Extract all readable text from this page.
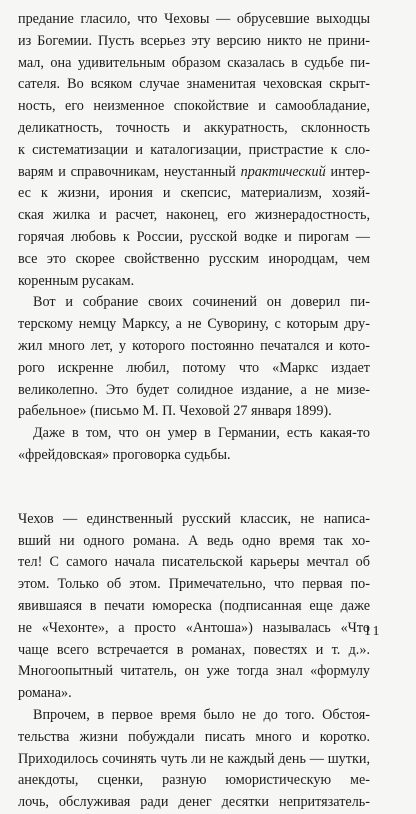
предание гласило, что Чеховы — обрусевшие выходцы
из Богемии. Пусть всерьез эту версию никто не прини-
мал, она удивительным образом сказалась в судьбе пи-
сателя. Во всяком случае знаменитая чеховская скрыт-
ность, его неизменное спокойствие и самообладание,
деликатность, точность и аккуратность, склонность
к систематизации и каталогизации, пристрастие к сло-
варям и справочникам, неустанный практический интер-
ес к жизни, ирония и скепсис, материализм, хозяй-
ская жилка и расчет, наконец, его жизнерадостность,
горячая любовь к России, русской водке и пирогам —
все это скорее свойственно русским инородцам, чем
коренным русакам.
Вот и собрание своих сочинений он доверил пи-
терскому немцу Марксу, а не Суворину, с которым дру-
жил много лет, у которого постоянно печатался и кото-
рого искренне любил, потому что «Маркс издает
великолепно. Это будет солидное издание, а не мизе-
рабельное» (письмо М. П. Чеховой 27 января 1899).
Даже в том, что он умер в Германии, есть какая-то
«фрейдовская» проговорка судьбы.
Чехов — единственный русский классик, не написа-
вший ни одного романа. А ведь одно время так хо-
тел! С самого начала писательской карьеры мечтал об
этом. Только об этом. Примечательно, что первая по-
явившаяся в печати юмореска (подписанная еще даже
не «Чехонте», а просто «Антоша») называлась «Что
чаще всего встречается в романах, повестях и т. д.».
Многоопытный читатель, он уже тогда знал «формулу
романа».
Впрочем, в первое время было не до того. Обстоя-
тельства жизни побуждали писать много и коротко.
Приходилось сочинять чуть ли не каждый день — шутки,
анекдоты, сценки, разную юмористическую ме-
лочь, обслуживая ради денег десятки непритязатель-
11
